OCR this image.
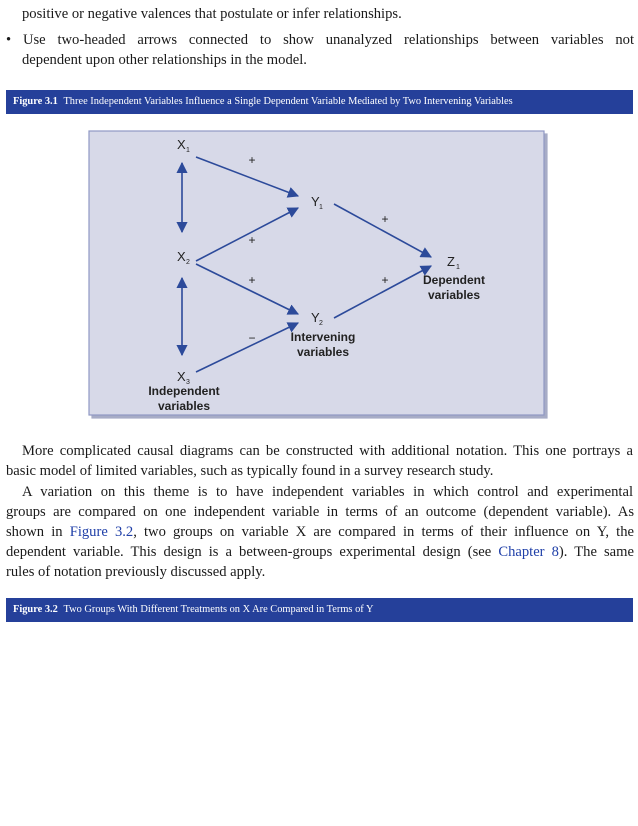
positive or negative valences that postulate or infer relationships.
• Use two-headed arrows connected to show unanalyzed relationships between variables not
dependent upon other relationships in the model.
Figure 3.1 Three Independent Variables Influence a Single Dependent Variable Mediated by Two Intervening Variables
X 1
X 2
X 3
Y 1
Y 2
Z 1
Independent
variables
Intervening
variables
Dependent
variables
+
+
+
−
+
+
More complicated causal diagrams can be constructed with additional notation. This one portrays a
basic model of limited variables, such as typically found in a survey research study.
A variation on this theme is to have independent variables in which control and experimental
groups are compared on one independent variable in terms of an outcome (dependent variable). As
shown in Figure 3.2, two groups on variable X are compared in terms of their influence on Y, the
dependent variable. This design is a between-groups experimental design (see Chapter 8). The same
rules of notation previously discussed apply.
Figure 3.2 Two Groups With Different Treatments on X Are Compared in Terms of Y
